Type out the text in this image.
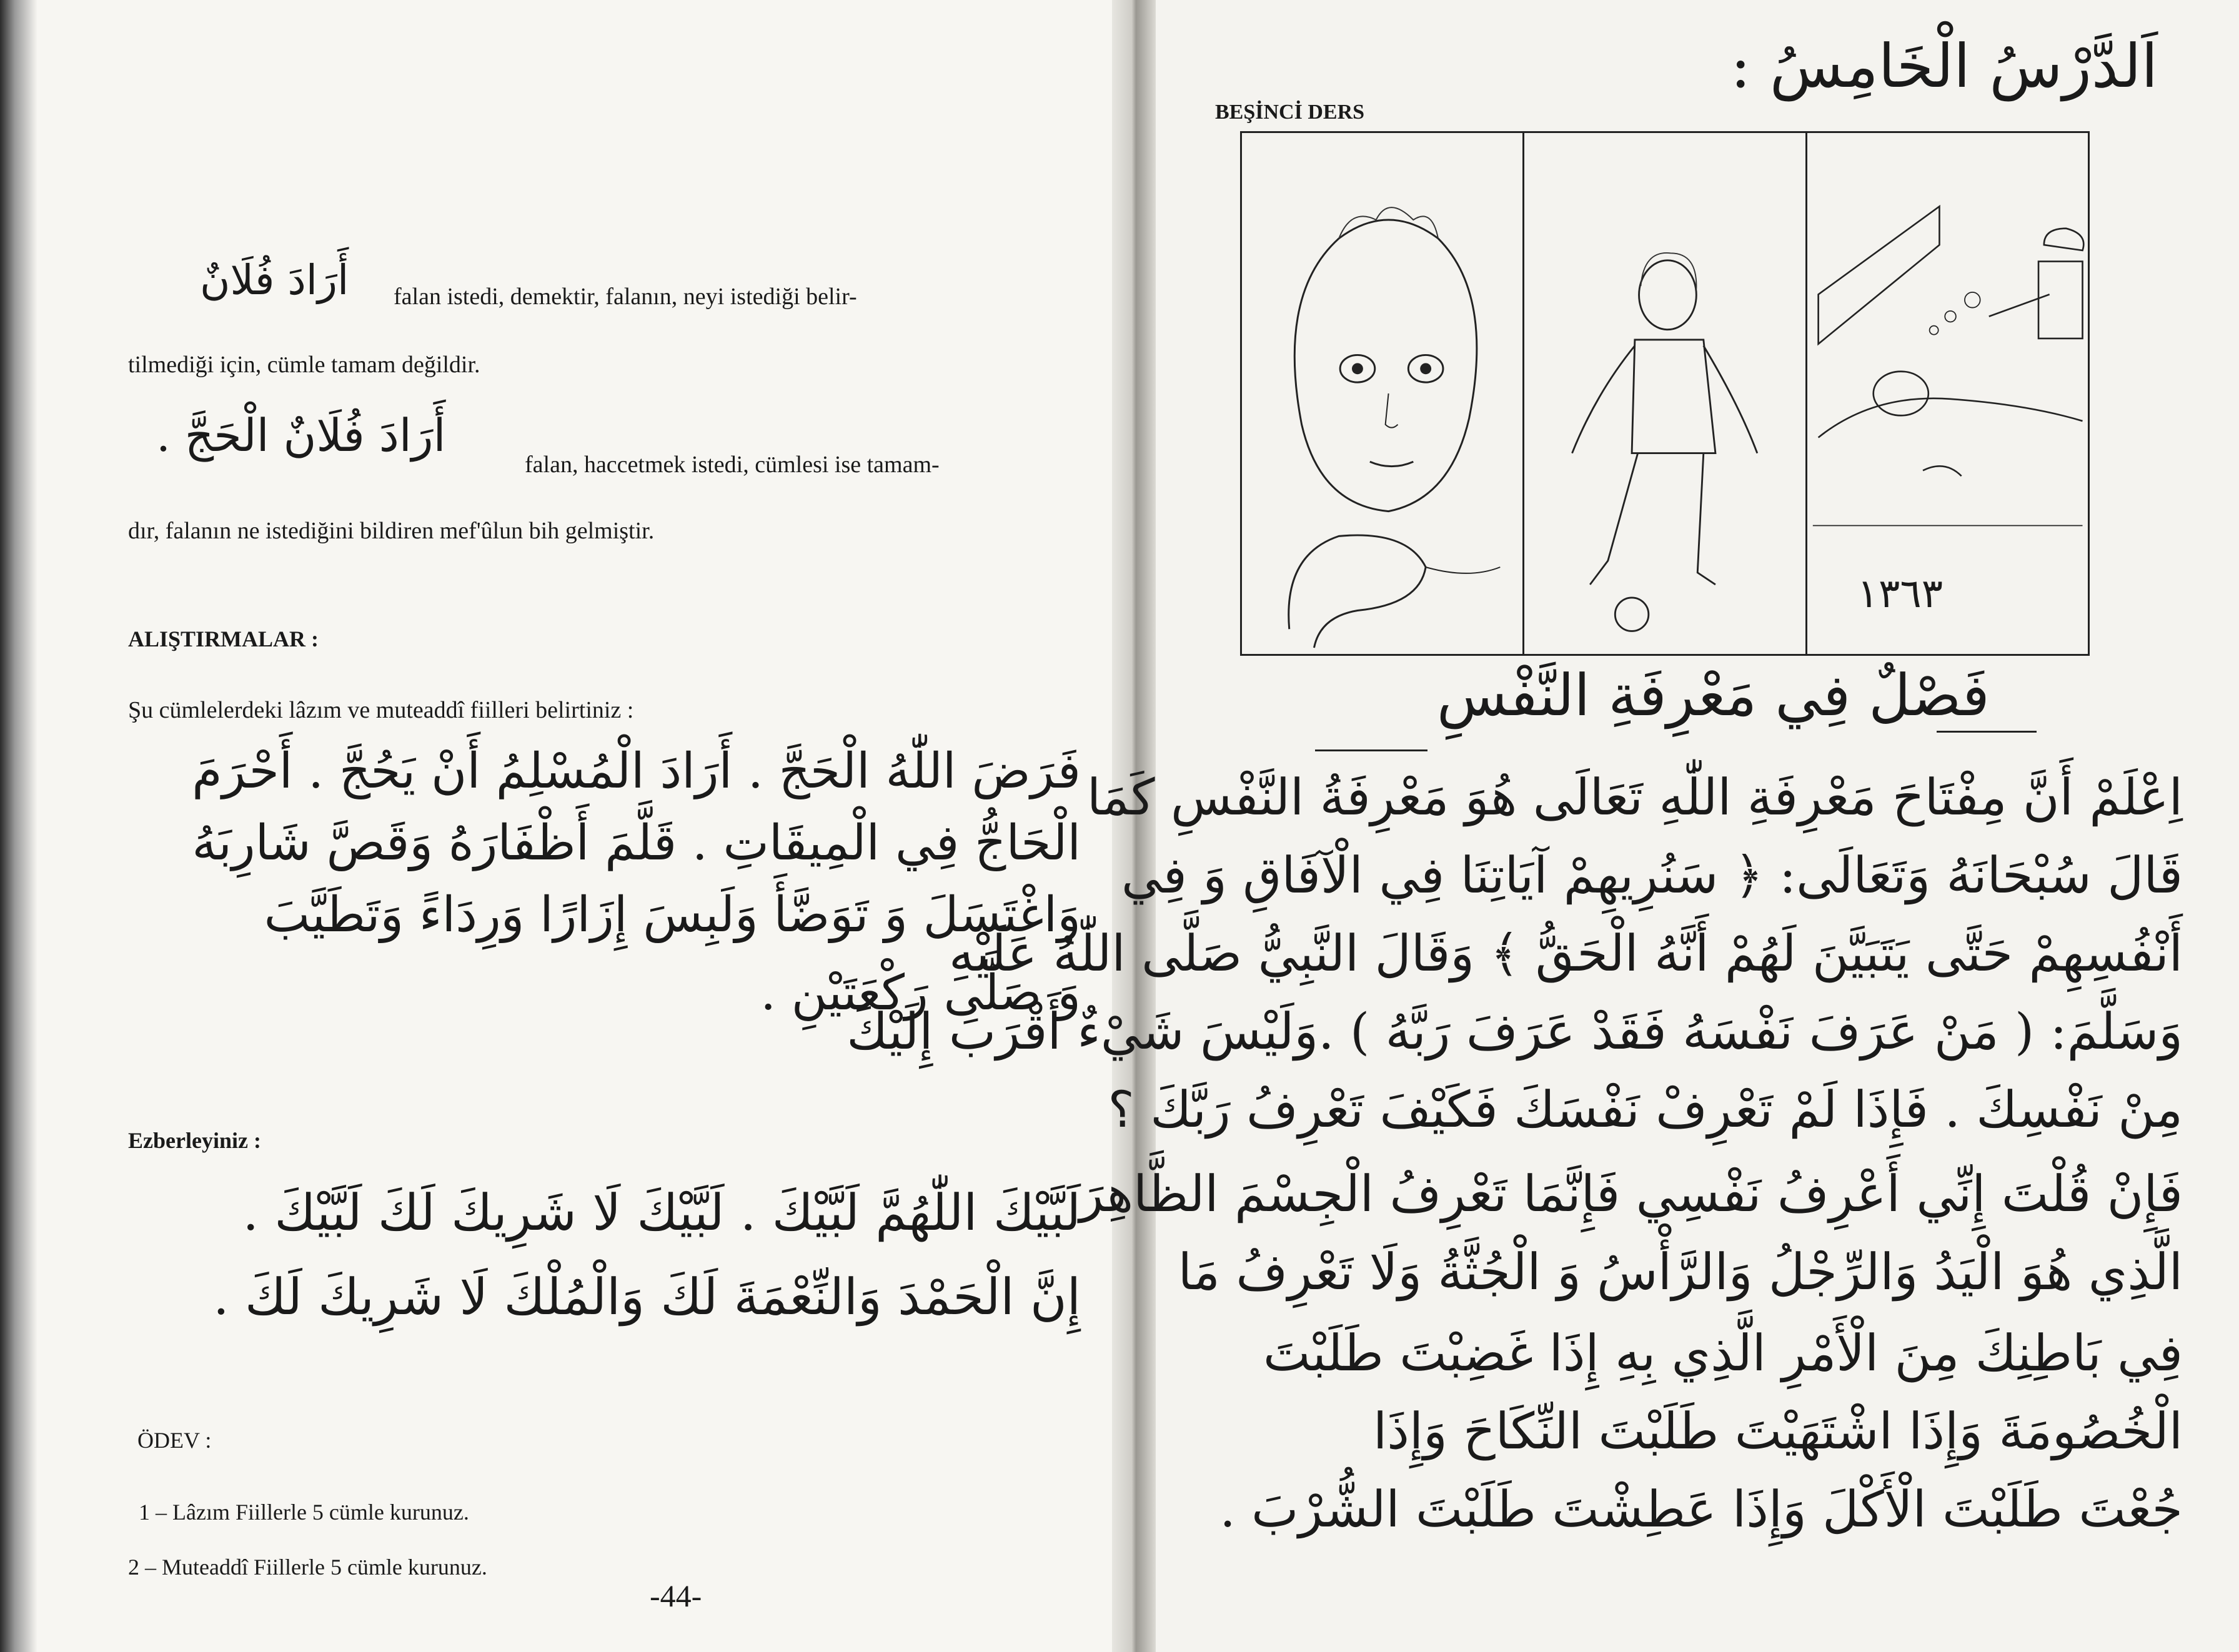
أَرَادَ فُلَانٌ falan istedi, demektir, falanın, neyi istediği belir-
tilmediği için, cümle tamam değildir.
أَرَادَ فُلَانٌ الْحَجَّ .
falan, haccetmek istedi, cümlesi ise tamam-
dır, falanın ne istediğini bildiren mef'ûlun bih gelmiştir.
ALIŞTIRMALAR :
Şu cümlelerdeki lâzım ve muteaddî fiilleri belirtiniz :
فَرَضَ اللّٰهُ الْحَجَّ . أَرَادَ الْمُسْلِمُ أَنْ يَحُجَّ . أَحْرَمَ
الْحَاجُّ فِي الْمِيقَاتِ . قَلَّمَ أَظْفَارَهُ وَقَصَّ شَارِبَهُ
وَاغْتَسَلَ وَ تَوَضَّأَ وَلَبِسَ إِزَارًا وَرِدَاءً وَتَطَيَّبَ
وَ صَلَّى رَكْعَتَيْنِ .
Ezberleyiniz :
لَبَّيْكَ اللّٰهُمَّ لَبَّيْكَ . لَبَّيْكَ لَا شَرِيكَ لَكَ لَبَّيْكَ .
إِنَّ الْحَمْدَ وَالنِّعْمَةَ لَكَ وَالْمُلْكَ لَا شَرِيكَ لَكَ .
ÖDEV :
1 – Lâzım Fiillerle 5 cümle kurunuz.
2 – Muteaddî Fiillerle 5 cümle kurunuz.
-44-
اَلدَّرْسُ الْخَامِسُ :
BEŞİNCİ DERS
١٣٦٣
فَصْلٌ فِي مَعْرِفَةِ النَّفْسِ
اِعْلَمْ أَنَّ مِفْتَاحَ مَعْرِفَةِ اللّٰهِ تَعَالَى هُوَ مَعْرِفَةُ النَّفْسِ كَمَا
قَالَ سُبْحَانَهُ وَتَعَالَى: ﴿ سَنُرِيهِمْ آيَاتِنَا فِي الْآفَاقِ وَ فِي
أَنْفُسِهِمْ حَتَّى يَتَبَيَّنَ لَهُمْ أَنَّهُ الْحَقُّ ﴾ وَقَالَ النَّبِيُّ صَلَّى اللّٰهُ عَلَيْهِ
وَسَلَّمَ: ( مَنْ عَرَفَ نَفْسَهُ فَقَدْ عَرَفَ رَبَّهُ ) .وَلَيْسَ شَيْءٌ أَقْرَبَ إِلَيْكَ
مِنْ نَفْسِكَ . فَإِذَا لَمْ تَعْرِفْ نَفْسَكَ فَكَيْفَ تَعْرِفُ رَبَّكَ ؟
فَإِنْ قُلْتَ إِنِّي أَعْرِفُ نَفْسِي فَإِنَّمَا تَعْرِفُ الْجِسْمَ الظَّاهِرَ
الَّذِي هُوَ الْيَدُ وَالرِّجْلُ وَالرَّأْسُ وَ الْجُثَّةُ وَلَا تَعْرِفُ مَا
فِي بَاطِنِكَ مِنَ الْأَمْرِ الَّذِي بِهِ إِذَا غَضِبْتَ طَلَبْتَ
الْخُصُومَةَ وَإِذَا اشْتَهَيْتَ طَلَبْتَ النِّكَاحَ وَإِذَا
جُعْتَ طَلَبْتَ الْأَكْلَ وَإِذَا عَطِشْتَ طَلَبْتَ الشُّرْبَ .
